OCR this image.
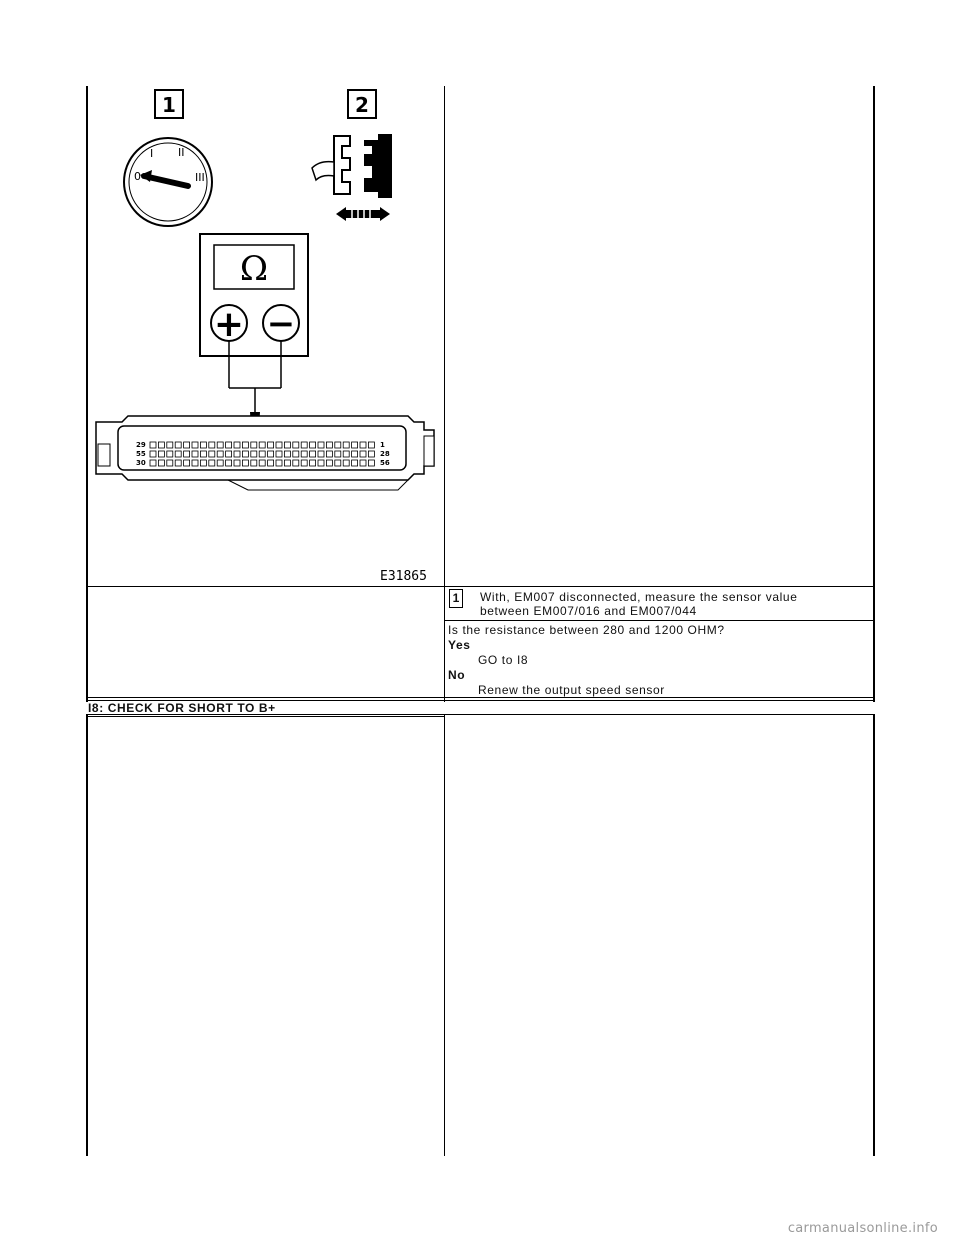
1	2
0
I II
III
Ω
+ −
29
55
30
1
28
56
E31865
1	With, EM007 disconnected, measure the sensor value
between EM007/016 and EM007/044
Is the resistance between 280 and 1200 OHM?
Yes
GO to I8
No
Renew the output speed sensor
I8: CHECK FOR SHORT TO B+
carmanualsonline.info
